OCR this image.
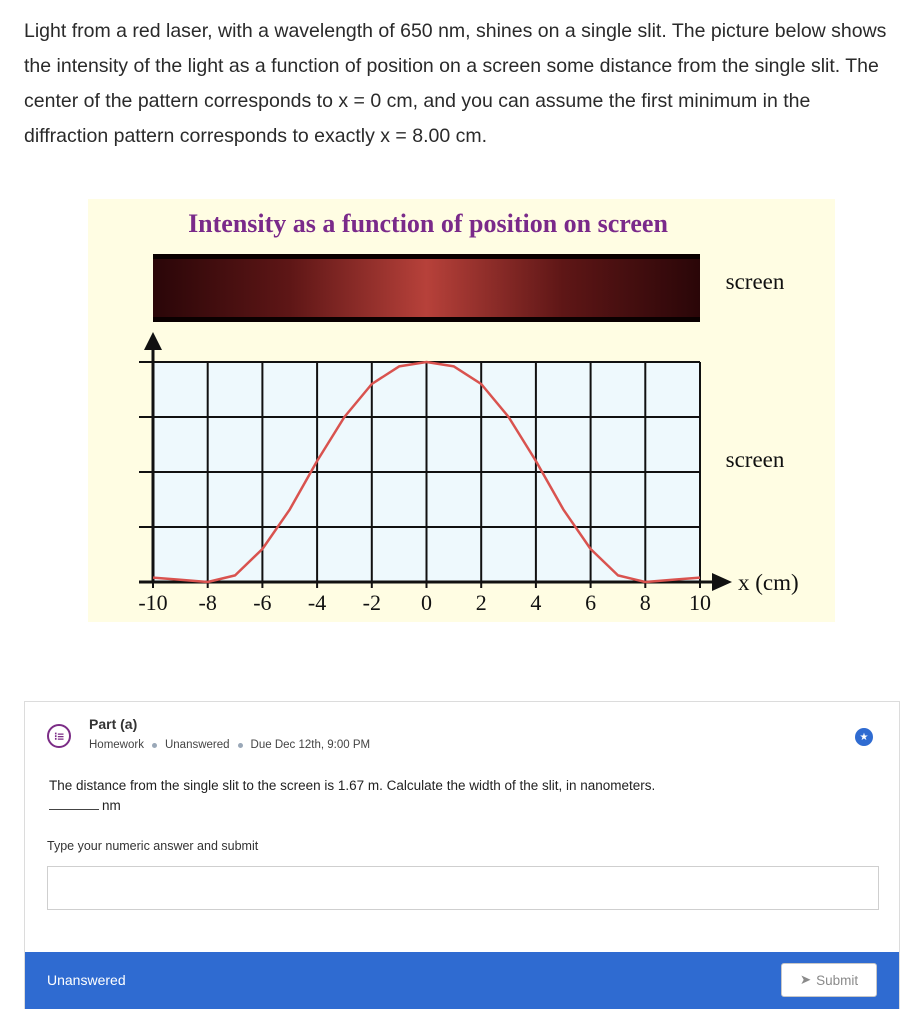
Light from a red laser, with a wavelength of 650 nm, shines on a single slit. The picture below shows the intensity of the light as a function of position on a screen some distance from the single slit. The center of the pattern corresponds to x = 0 cm, and you can assume the first minimum in the diffraction pattern corresponds to exactly x = 8.00 cm.

Intensity as a function of position on screen
screen
screen
-10 -8 -6 -4 -2 0 2 4 6 8 10
x (cm)
⁝≡
Part (a)
Homework Unanswered Due Dec 12th, 9:00 PM
★
The distance from the single slit to the screen is 1.67 m. Calculate the width of the slit, in nanometers.
nm
Type your numeric answer and submit
Unanswered	➤ Submit
